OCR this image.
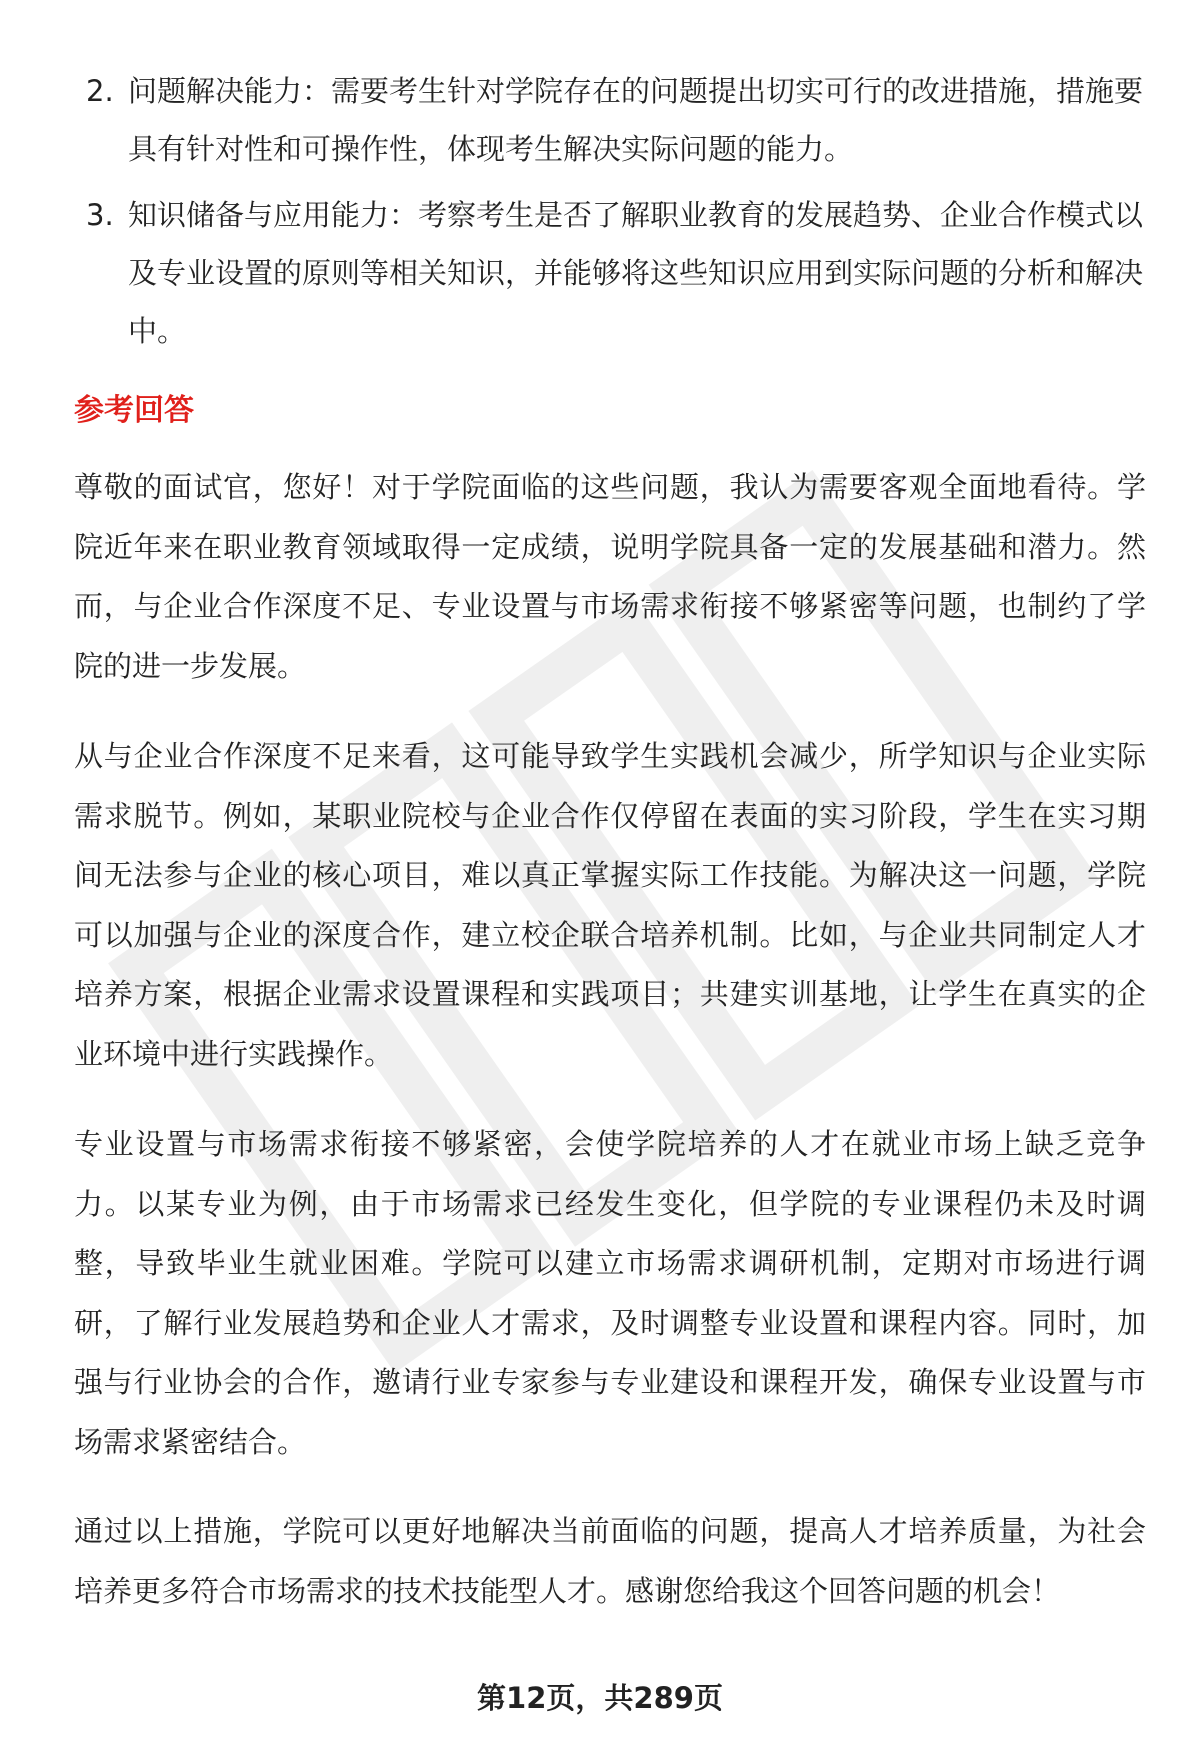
2. 问题解决能力：需要考生针对学院存在的问题提出切实可行的改进措施，措施要具有针对性和可操作性，体现考生解决实际问题的能力。
3. 知识储备与应用能力：考察考生是否了解职业教育的发展趋势、企业合作模式以及专业设置的原则等相关知识，并能够将这些知识应用到实际问题的分析和解决中。
参考回答

尊敬的面试官，您好！对于学院面临的这些问题，我认为需要客观全面地看待。学院近年来在职业教育领域取得一定成绩，说明学院具备一定的发展基础和潜力。然而，与企业合作深度不足、专业设置与市场需求衔接不够紧密等问题，也制约了学院的进一步发展。

从与企业合作深度不足来看，这可能导致学生实践机会减少，所学知识与企业实际需求脱节。例如，某职业院校与企业合作仅停留在表面的实习阶段，学生在实习期间无法参与企业的核心项目，难以真正掌握实际工作技能。为解决这一问题，学院可以加强与企业的深度合作，建立校企联合培养机制。比如，与企业共同制定人才培养方案，根据企业需求设置课程和实践项目；共建实训基地，让学生在真实的企业环境中进行实践操作。

专业设置与市场需求衔接不够紧密，会使学院培养的人才在就业市场上缺乏竞争力。以某专业为例，由于市场需求已经发生变化，但学院的专业课程仍未及时调整，导致毕业生就业困难。学院可以建立市场需求调研机制，定期对市场进行调研，了解行业发展趋势和企业人才需求，及时调整专业设置和课程内容。同时，加强与行业协会的合作，邀请行业专家参与专业建设和课程开发，确保专业设置与市场需求紧密结合。

通过以上措施，学院可以更好地解决当前面临的问题，提高人才培养质量，为社会培养更多符合市场需求的技术技能型人才。感谢您给我这个回答问题的机会！

第12页，共289页
